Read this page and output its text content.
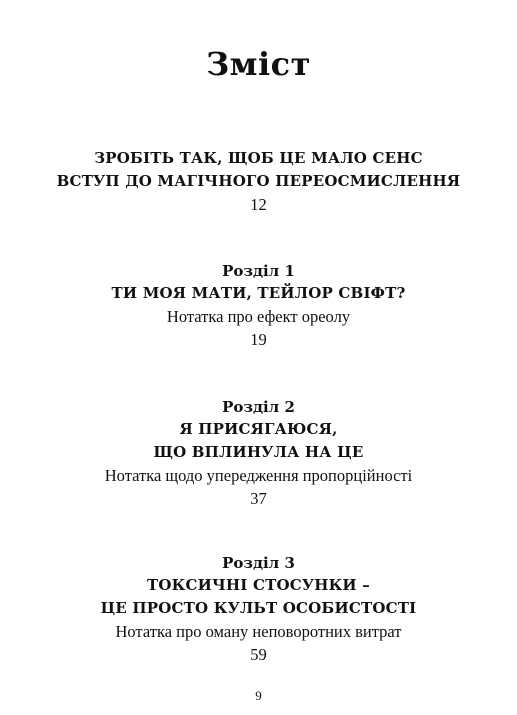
Зміст
ЗРОБІТЬ ТАК, ЩОБ ЦЕ МАЛО СЕНС
ВСТУП ДО МАГІЧНОГО ПЕРЕОСМИСЛЕННЯ
12
Розділ 1
ТИ МОЯ МАТИ, ТЕЙЛОР СВІФТ?
Нотатка про ефект ореолу
19
Розділ 2
Я ПРИСЯГАЮСЯ,
ЩО ВПЛИНУЛА НА ЦЕ
Нотатка щодо упередження пропорційності
37
Розділ 3
ТОКСИЧНІ СТОСУНКИ –
ЦЕ ПРОСТО КУЛЬТ ОСОБИСТОСТІ
Нотатка про оману неповоротних витрат
59
9
